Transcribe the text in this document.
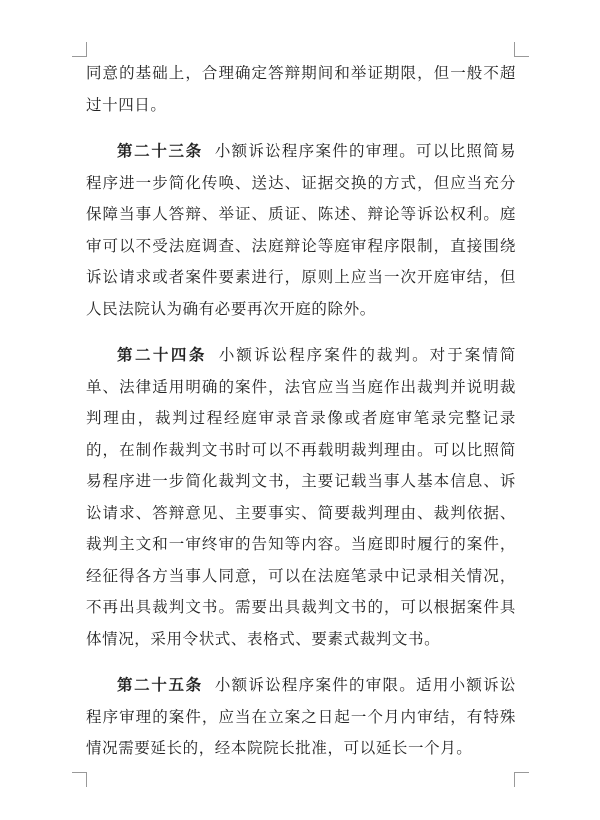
同意的基础上，合理确定答辩期间和举证期限，但一般不超过十四日。

第二十三条 小额诉讼程序案件的审理。可以比照简易程序进一步简化传唤、送达、证据交换的方式，但应当充分保障当事人答辩、举证、质证、陈述、辩论等诉讼权利。庭审可以不受法庭调查、法庭辩论等庭审程序限制，直接围绕诉讼请求或者案件要素进行，原则上应当一次开庭审结，但人民法院认为确有必要再次开庭的除外。

第二十四条 小额诉讼程序案件的裁判。对于案情简单、法律适用明确的案件，法官应当当庭作出裁判并说明裁判理由，裁判过程经庭审录音录像或者庭审笔录完整记录的，在制作裁判文书时可以不再载明裁判理由。可以比照简易程序进一步简化裁判文书，主要记载当事人基本信息、诉讼请求、答辩意见、主要事实、简要裁判理由、裁判依据、裁判主文和一审终审的告知等内容。当庭即时履行的案件，经征得各方当事人同意，可以在法庭笔录中记录相关情况，不再出具裁判文书。需要出具裁判文书的，可以根据案件具体情况，采用令状式、表格式、要素式裁判文书。

第二十五条 小额诉讼程序案件的审限。适用小额诉讼程序审理的案件，应当在立案之日起一个月内审结，有特殊情况需要延长的，经本院院长批准，可以延长一个月。
